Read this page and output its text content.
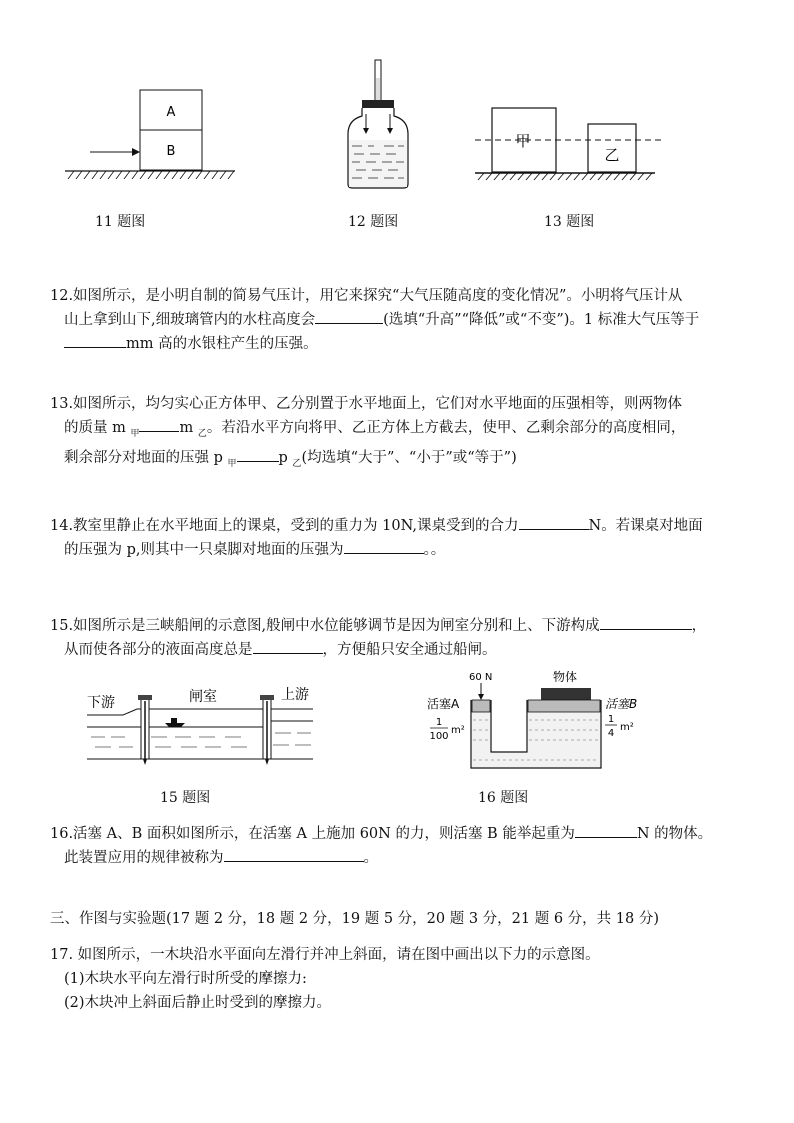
A
B
11 题图	12 题图
甲
乙
13 题图

12.如图所示，是小明自制的简易气压计，用它来探究“大气压随高度的变化情况”。小明将气压计从

山上拿到山下,细玻璃管内的水柱高度会	(选填“升高”“降低”或“不变”)。1 标准大气压等于

mm 高的水银柱产生的压强。

13.如图所示，均匀实心正方体甲、乙分别置于水平地面上，它们对水平地面的压强相等，则两物体

的质量 m $_甲$	m $_乙$。若沿水平方向将甲、乙正方体上方截去，使甲、乙剩余部分的高度相同，

剩余部分对地面的压强 p $_甲$	p $_乙$(均选填“大于”、“小于”或“等于”)

14.教室里静止在水平地面上的课桌，受到的重力为 10N,课桌受到的合力	N。若课桌对地面

的压强为 p,则其中一只桌脚对地面的压强为	。。

15.如图所示是三峡船闸的示意图,般闸中水位能够调节是因为闸室分别和上、下游构成	，

从而使各部分的液面高度总是	，方便船只安全通过船闸。

下游	闸室	上游
15 题图
60 N	物体
活塞A	活塞B
1
100
m²
1
4
m²
16 题图

16.活塞 A、B 面积如图所示，在活塞 A 上施加 60N 的力，则活塞 B 能举起重为	N 的物体。

此装置应用的规律被称为	。

三、作图与实验题(17 题 2 分，18 题 2 分，19 题 5 分，20 题 3 分，21 题 6 分，共 18 分)

17. 如图所示，一木块沿水平面向左滑行并冲上斜面，请在图中画出以下力的示意图。

(1)木块水平向左滑行时所受的摩擦力:

(2)木块冲上斜面后静止时受到的摩擦力。
